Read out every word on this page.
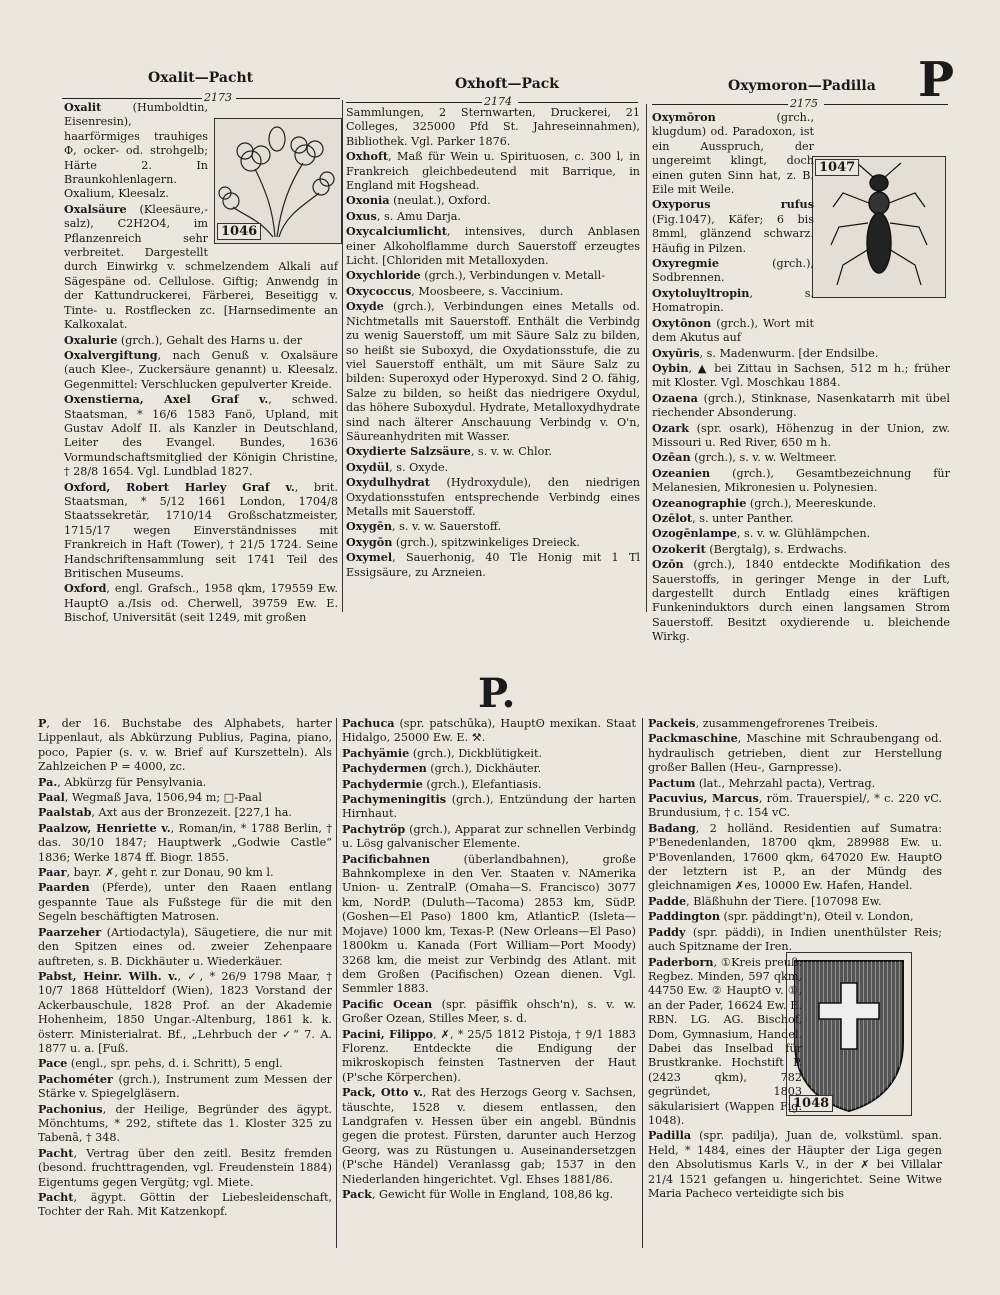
Oxalit—Pacht	Oxhoft—Pack	Oxymoron—Padilla P
2173	2174	2175
1046
1047

Oxalit (Humboldtin, Eisenresin), haarförmiges trauhiges Φ, ocker- od. strohgelb; Härte 2. In Braunkohlenlagern.

Oxalium, Kleesalz.

Oxalsäure (Kleesäure,-salz), C2H2O4, im Pflanzenreich sehr verbreitet. Dargestellt durch Einwirkg v. schmelzendem Alkali auf Sägespäne od. Cellulose. Giftig; Anwendg in der Kattundruckerei, Färberei, Beseitigg v. Tinte- u. Rostflecken zc. [Harnsedimente an Kalkoxalat.

Oxalurie (grch.), Gehalt des Harns u. der

Oxalvergiftung, nach Genuß v. Oxalsäure (auch Klee-, Zuckersäure genannt) u. Kleesalz. Gegenmittel: Verschlucken gepulverter Kreide.

Oxenstierna, Axel Graf v., schwed. Staatsman, * 16/6 1583 Fanö, Upland, mit Gustav Adolf II. als Kanzler in Deutschland, Leiter des Evangel. Bundes, 1636 Vormundschaftsmitglied der Königin Christine, † 28/8 1654. Vgl. Lundblad 1827.

Oxford, Robert Harley Graf v., brit. Staatsman, * 5/12 1661 London, 1704/8 Staatssekretär, 1710/14 Großschatzmeister, 1715/17 wegen Einverständnisses mit Frankreich in Haft (Tower), † 21/5 1724. Seine Handschriftensammlung seit 1741 Teil des Britischen Museums.

Oxford, engl. Grafsch., 1958 qkm, 179559 Ew. Hauptʘ a./Isis od. Cherwell, 39759 Ew. E. Bischof, Universität (seit 1249, mit großen

Sammlungen, 2 Sternwarten, Druckerei, 21 Colleges, 325000 Pfd St. Jahreseinnahmen), Bibliothek. Vgl. Parker 1876.

Oxhoft, Maß für Wein u. Spirituosen, c. 300 l, in Frankreich gleichbedeutend mit Barrique, in England mit Hogshead.

Oxonia (neulat.), Oxford.

Oxus, s. Amu Darja.

Oxycalciumlicht, intensives, durch Anblasen einer Alkoholflamme durch Sauerstoff erzeugtes Licht. [Chloriden mit Metalloxyden.

Oxychloride (grch.), Verbindungen v. Metall-

Oxycoccus, Moosbeere, s. Vaccinium.

Oxyde (grch.), Verbindungen eines Metalls od. Nichtmetalls mit Sauerstoff. Enthält die Verbindg zu wenig Sauerstoff, um mit Säure Salz zu bilden, so heißt sie Suboxyd, die Oxydationsstufe, die zu viel Sauerstoff enthält, um mit Säure Salz zu bilden: Superoxyd oder Hyperoxyd. Sind 2 O. fähig, Salze zu bilden, so heißt das niedrigere Oxydul, das höhere Suboxydul. Hydrate, Metalloxydhydrate sind nach älterer Anschauung Verbindg v. O'n, Säureanhydriten mit Wasser.

Oxydierte Salzsäure, s. v. w. Chlor.

Oxydül, s. Oxyde.

Oxydulhydrat (Hydroxydule), den niedrigen Oxydationsstufen entsprechende Verbindg eines Metalls mit Sauerstoff.

Oxygēn, s. v. w. Sauerstoff.

Oxygōn (grch.), spitzwinkeliges Dreieck.

Oxymel, Sauerhonig, 40 Tle Honig mit 1 Tl Essigsäure, zu Arzneien.

Oxymōron (grch., klugdum) od. Paradoxon, ist ein Ausspruch, der ungereimt klingt, doch einen guten Sinn hat, z. B. Eile mit Weile.

Oxyporus rufus (Fig.1047), Käfer; 6 bis 8mml, glänzend schwarz. Häufig in Pilzen.

Oxyregmie (grch.), Sodbrennen.

Oxytoluyltropin, s. Homatropin.

Oxytōnon (grch.), Wort mit dem Akutus auf

Oxyūris, s. Madenwurm. [der Endsilbe.

Oybin, ▲ bei Zittau in Sachsen, 512 m h.; früher mit Kloster. Vgl. Moschkau 1884.

Ozaena (grch.), Stinknase, Nasenkatarrh mit übel riechender Absonderung.

Ozark (spr. osark), Höhenzug in der Union, zw. Missouri u. Red River, 650 m h.

Ozēan (grch.), s. v. w. Weltmeer.

Ozeanien (grch.), Gesamtbezeichnung für Melanesien, Mikronesien u. Polynesien.

Ozeanographie (grch.), Meereskunde.

Ozēlot, s. unter Panther.

Ozogēnlampe, s. v. w. Glühlämpchen.

Ozokerit (Bergtalg), s. Erdwachs.

Ozōn (grch.), 1840 entdeckte Modifikation des Sauerstoffs, in geringer Menge in der Luft, dargestellt durch Entladg eines kräftigen Funkeninduktors durch einen langsamen Strom Sauerstoff. Besitzt oxydierende u. bleichende Wirkg.

P.
1048

P, der 16. Buchstabe des Alphabets, harter Lippenlaut, als Abkürzung Publius, Pagina, piano, poco, Papier (s. v. w. Brief auf Kurszetteln). Als Zahlzeichen P = 4000, zc.

Pa., Abkürzg für Pensylvania.

Paal, Wegmaß Java, 1506,94 m; □-Paal

Paalstab, Axt aus der Bronzezeit. [227,1 ha.

Paalzow, Henriette v., Roman/in, * 1788 Berlin, † das. 30/10 1847; Hauptwerk „Godwie Castle“ 1836; Werke 1874 ff. Biogr. 1855.

Paar, bayr. ✗, geht r. zur Donau, 90 km l.

Paarden (Pferde), unter den Raaen entlang gespannte Taue als Fußstege für die mit den Segeln beschäftigten Matrosen.

Paarzeher (Artiodactyla), Säugetiere, die nur mit den Spitzen eines od. zweier Zehenpaare auftreten, s. B. Dickhäuter u. Wiederkäuer.

Pabst, Heinr. Wilh. v., ✓, * 26/9 1798 Maar, † 10/7 1868 Hütteldorf (Wien), 1823 Vorstand der Ackerbauschule, 1828 Prof. an der Akademie Hohenheim, 1850 Ungar.-Altenburg, 1861 k. k. österr. Ministerialrat. Bf., „Lehrbuch der ✓“ 7. A. 1877 u. a. [Fuß.

Pace (engl., spr. pehs, d. i. Schritt), 5 engl.

Pachométer (grch.), Instrument zum Messen der Stärke v. Spiegelgläsern.

Pachonius, der Heilige, Begründer des ägypt. Mönchtums, * 292, stiftete das 1. Kloster 325 zu Tabenā, † 348.

Pacht, Vertrag über den zeitl. Besitz fremden (besond. fruchttragenden, vgl. Freudenstein 1884) Eigentums gegen Vergütg; vgl. Miete.

Pacht, ägypt. Göttin der Liebesleidenschaft, Tochter der Rah. Mit Katzenkopf.

Pachuca (spr. patschūka), Hauptʘ mexikan. Staat Hidalgo, 25000 Ew. E. ⚒.

Pachyämie (grch.), Dickblütigkeit.

Pachydermen (grch.), Dickhäuter.

Pachydermie (grch.), Elefantiasis.

Pachymeningitis (grch.), Entzündung der harten Hirnhaut.

Pachytröp (grch.), Apparat zur schnellen Verbindg u. Lösg galvanischer Elemente.

Pacificbahnen (überlandbahnen), große Bahnkomplexe in den Ver. Staaten v. NAmerika Union- u. ZentralP. (Omaha—S. Francisco) 3077 km, NordP. (Duluth—Tacoma) 2853 km, SüdP. (Goshen—El Paso) 1800 km, AtlanticP. (Isleta—Mojave) 1000 km, Texas-P. (New Orleans—El Paso) 1800km u. Kanada (Fort William—Port Moody) 3268 km, die meist zur Verbindg des Atlant. mit dem Großen (Pacifischen) Ozean dienen. Vgl. Semmler 1883.

Pacific Ocean (spr. päsiffik ohsch'n), s. v. w. Großer Ozean, Stilles Meer, s. d.

Pacini, Filippo, ✗, * 25/5 1812 Pistoja, † 9/1 1883 Florenz. Entdeckte die Endigung der mikroskopisch feinsten Tastnerven der Haut (P'sche Körperchen).

Pack, Otto v., Rat des Herzogs Georg v. Sachsen, täuschte, 1528 v. diesem entlassen, den Landgrafen v. Hessen über ein angebl. Bündnis gegen die protest. Fürsten, darunter auch Herzog Georg, was zu Rüstungen u. Auseinandersetzgen (P'sche Händel) Veranlassg gab; 1537 in den Niederlanden hingerichtet. Vgl. Ehses 1881/86.

Pack, Gewicht für Wolle in England, 108,86 kg.

Packeis, zusammengefrorenes Treibeis.

Packmaschine, Maschine mit Schraubengang od. hydraulisch getrieben, dient zur Herstellung großer Ballen (Heu-, Garnpresse).

Pactum (lat., Mehrzahl pacta), Vertrag.

Pacuvius, Marcus, röm. Trauerspiel/, * c. 220 vC. Brundusium, † c. 154 vC.

Badang, 2 holländ. Residentien auf Sumatra: P'Benedenlanden, 18700 qkm, 289988 Ew. u. P'Bovenlanden, 17600 qkm, 647020 Ew. Hauptʘ der letztern ist P., an der Mündg des gleichnamigen ✗es, 10000 Ew. Hafen, Handel.

Padde, Bläßhuhn der Tiere. [107098 Ew.

Paddington (spr. päddingt'n), ʘteil v. London,

Paddy (spr. päddi), in Indien unenthülster Reis; auch Spitzname der Iren.

Paderborn, ①Kreis preuß. Regbez. Minden, 597 qkm, 44750 Ew. ② Hauptʘ v. ①, an der Pader, 16624 Ew. E. RBN. LG. AG. Bischof, Dom, Gymnasium, Handel. Dabei das Inselbad für Brustkranke. Hochstift P. (2423 qkm), 782 gegründet, 1803 säkularisiert (Wappen Fig. 1048).

Padilla (spr. padilja), Juan de, volkstüml. span. Held, * 1484, eines der Häupter der Liga gegen den Absolutismus Karls V., in der ✗ bei Villalar 21/4 1521 gefangen u. hingerichtet. Seine Witwe Maria Pacheco verteidigte sich bis
